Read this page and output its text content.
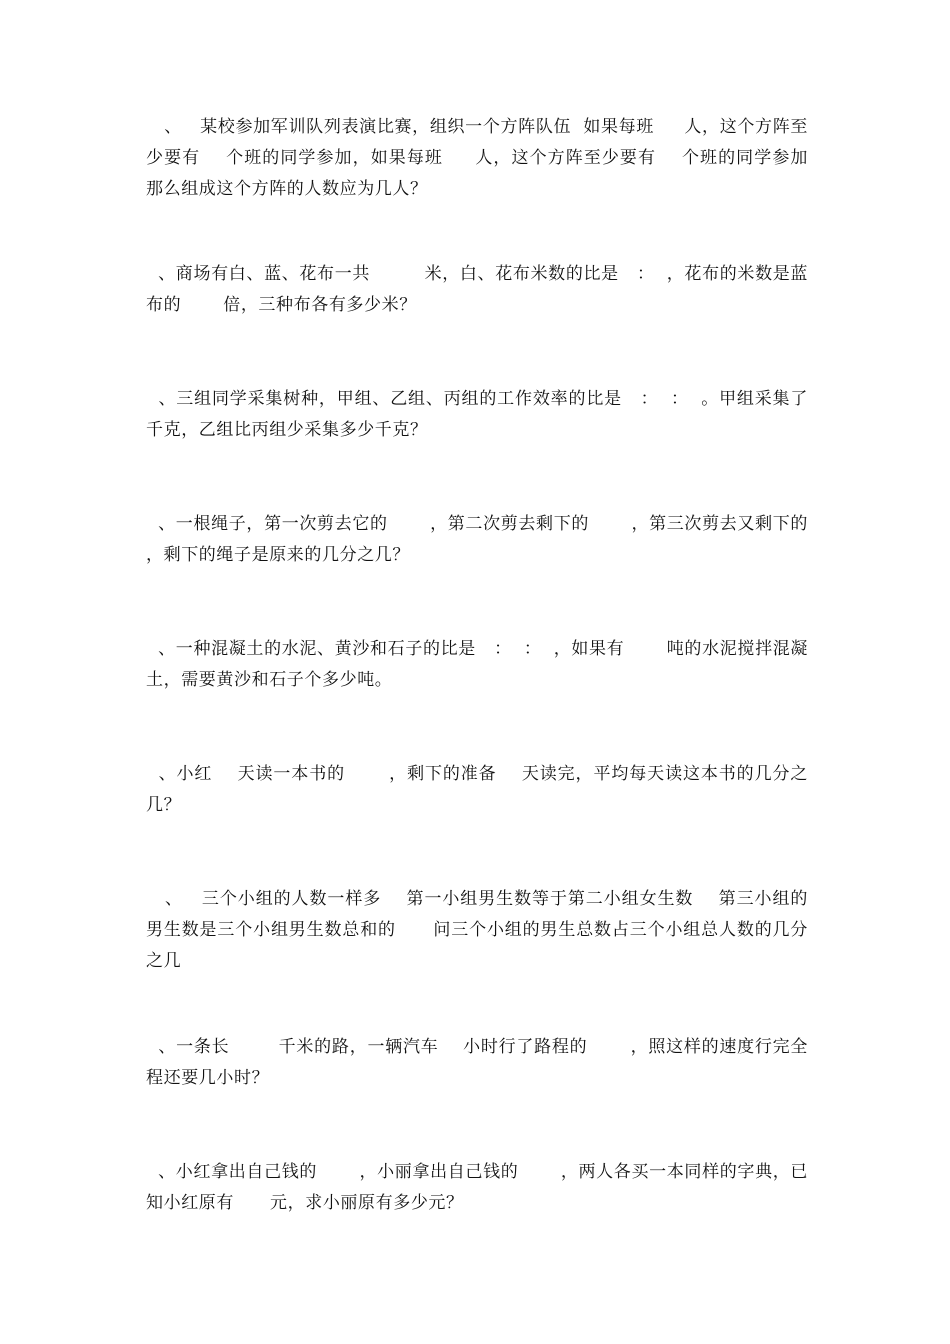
、   某校参加军训队列表演比赛，组织一个方阵队伍  如果每班     人，这个方阵至少要有    个班的同学参加，如果每班     人，这个方阵至少要有    个班的同学参加  那么组成这个方阵的人数应为几人？

、商场有白、蓝、花布一共         米，白、花布米数的比是   ：  ，花布的米数是蓝布的       倍，三种布各有多少米？

、三组同学采集树种，甲组、乙组、丙组的工作效率的比是   ：  ：  。甲组采集了      千克，乙组比丙组少采集多少千克？

、一根绳子，第一次剪去它的       ，第二次剪去剩下的       ，第三次剪去又剩下的       ，剩下的绳子是原来的几分之几？

、一种混凝土的水泥、黄沙和石子的比是   ：  ：  ，如果有       吨的水泥搅拌混凝土，需要黄沙和石子个多少吨。

、小红    天读一本书的       ，剩下的准备    天读完，平均每天读这本书的几分之几？

、   三个小组的人数一样多    第一小组男生数等于第二小组女生数    第三小组的男生数是三个小组男生数总和的      问三个小组的男生总数占三个小组总人数的几分之几

、一条长        千米的路，一辆汽车    小时行了路程的       ，照这样的速度行完全程还要几小时？

、小红拿出自己钱的       ，小丽拿出自己钱的       ，两人各买一本同样的字典，已知小红原有      元，求小丽原有多少元？
